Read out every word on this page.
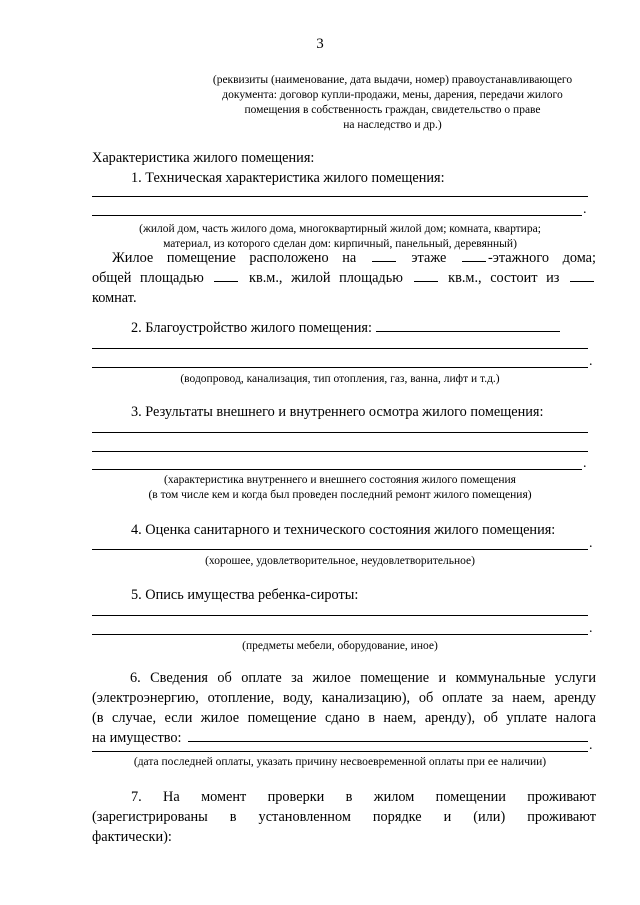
3
(реквизиты (наименование, дата выдачи, номер) правоустанавливающего
документа: договор купли-продажи, мены, дарения, передачи жилого
помещения в собственность граждан, свидетельство о праве
на наследство и др.)
Характеристика жилого помещения:
1. Техническая характеристика жилого помещения:
.
(жилой дом, часть жилого дома, многоквартирный жилой дом; комната, квартира;
материал, из которого сделан дом: кирпичный, панельный, деревянный)
Жилое помещение расположено на	этаже	-этажного дома;
общей площадью	кв.м., жилой площадью	кв.м., состоит из
комнат.
2. Благоустройство жилого помещения:
.
(водопровод, канализация, тип отопления, газ, ванна, лифт и т.д.)
3. Результаты внешнего и внутреннего осмотра жилого помещения:
.
(характеристика внутреннего и внешнего состояния жилого помещения
(в том числе кем и когда был проведен последний ремонт жилого помещения)
4. Оценка санитарного и технического состояния жилого помещения:
.
(хорошее, удовлетворительное, неудовлетворительное)
5. Опись имущества ребенка-сироты:
.
(предметы мебели, оборудование, иное)
6. Сведения об оплате за жилое помещение и коммунальные услуги
(электроэнергию, отопление, воду, канализацию), об оплате за наем, аренду
(в случае, если жилое помещение сдано в наем, аренду), об уплате налога
на имущество:	.
(дата последней оплаты, указать причину несвоевременной оплаты при ее наличии)
7. На момент проверки в жилом помещении проживают
(зарегистрированы в установленном порядке и (или) проживают
фактически):
